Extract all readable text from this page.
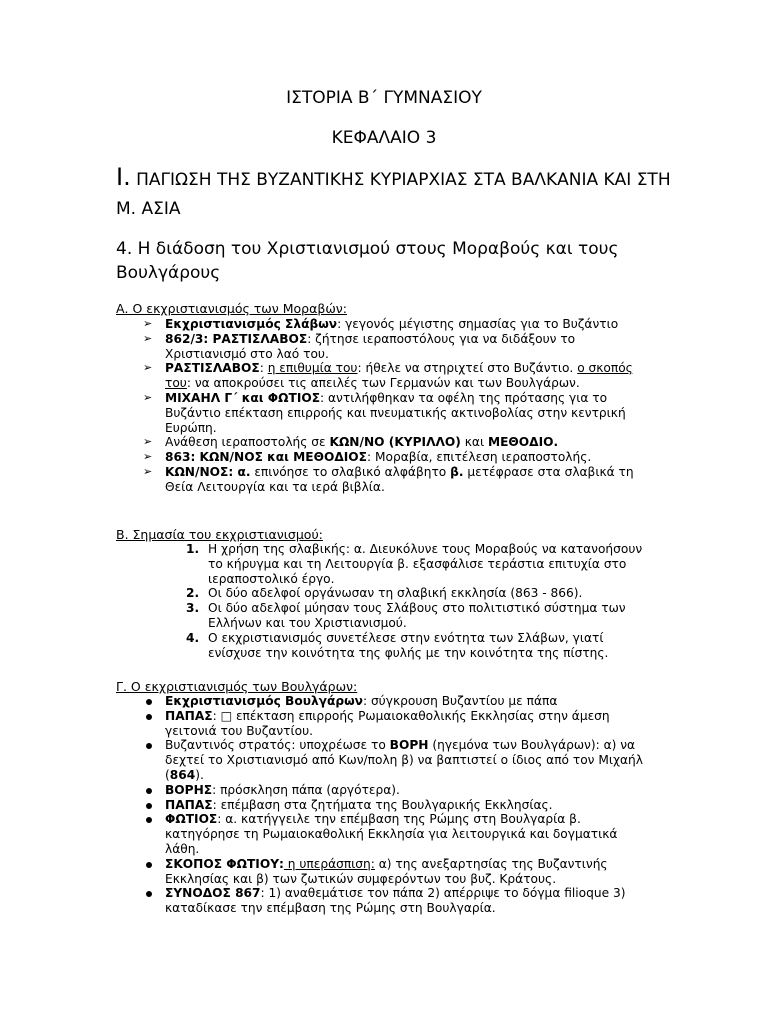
ΙΣΤΟΡΙΑ Β΄ ΓΥΜΝΑΣΙΟΥ
ΚΕΦΑΛΑΙΟ 3
Ι. ΠΑΓΙΩΣΗ ΤΗΣ ΒΥΖΑΝΤΙΚΗΣ ΚΥΡΙΑΡΧΙΑΣ ΣΤΑ ΒΑΛΚΑΝΙΑ ΚΑΙ ΣΤΗ Μ. ΑΣΙΑ
4. Η διάδοση του Χριστιανισμού στους Μοραβούς και τους Βουλγάρους
Α. Ο εκχριστιανισμός των Μοραβών:
➢ Εκχριστιανισμός Σλάβων: γεγονός μέγιστης σημασίας για το Βυζάντιο
➢ 862/3: ΡΑΣΤΙΣΛΑΒΟΣ: ζήτησε ιεραποστόλους για να διδάξουν το Χριστιανισμό στο λαό του.
➢ ΡΑΣΤΙΣΛΑΒΟΣ: η επιθυμία του: ήθελε να στηριχτεί στο Βυζάντιο. ο σκοπός του: να αποκρούσει τις απειλές των Γερμανών και των Βουλγάρων.
➢ ΜΙΧΑΗΛ Γ΄ και ΦΩΤΙΟΣ: αντιλήφθηκαν τα οφέλη της πρότασης για το Βυζάντιο επέκταση επιρροής και πνευματικής ακτινοβολίας στην κεντρική Ευρώπη.
➢ Ανάθεση ιεραποστολής σε ΚΩΝ/ΝΟ (ΚΥΡΙΛΛΟ) και ΜΕΘΟΔΙΟ.
➢ 863: ΚΩΝ/ΝΟΣ και ΜΕΘΟΔΙΟΣ: Μοραβία, επιτέλεση ιεραποστολής.
➢ ΚΩΝ/ΝΟΣ: α. επινόησε το σλαβικό αλφάβητο β. μετέφρασε στα σλαβικά τη Θεία Λειτουργία και τα ιερά βιβλία.
Β. Σημασία του εκχριστιανισμού:
1. Η χρήση της σλαβικής: α. Διευκόλυνε τους Μοραβούς να κατανοήσουν το κήρυγμα και τη Λειτουργία β. εξασφάλισε τεράστια επιτυχία στο ιεραποστολικό έργο.
2. Οι δύο αδελφοί οργάνωσαν τη σλαβική εκκλησία (863 - 866).
3. Οι δύο αδελφοί μύησαν τους Σλάβους στο πολιτιστικό σύστημα των Ελλήνων και του Χριστιανισμού.
4. Ο εκχριστιανισμός συνετέλεσε στην ενότητα των Σλάβων, γιατί ενίσχυσε την κοινότητα της φυλής με την κοινότητα της πίστης.
Γ. Ο εκχριστιανισμός των Βουλγάρων:
Εκχριστιανισμός Βουλγάρων: σύγκρουση Βυζαντίου με πάπα
ΠΑΠΑΣ: □ επέκταση επιρροής Ρωμαιοκαθολικής Εκκλησίας στην άμεση γειτονιά του Βυζαντίου.
Βυζαντινός στρατός: υποχρέωσε το ΒΟΡΗ (ηγεμόνα των Βουλγάρων): α) να δεχτεί το Χριστιανισμό από Κων/πολη β) να βαπτιστεί ο ίδιος από τον Μιχαήλ (864).
ΒΟΡΗΣ: πρόσκληση πάπα (αργότερα).
ΠΑΠΑΣ: επέμβαση στα ζητήματα της Βουλγαρικής Εκκλησίας.
ΦΩΤΙΟΣ: α. κατήγγειλε την επέμβαση της Ρώμης στη Βουλγαρία β. κατηγόρησε τη Ρωμαιοκαθολική Εκκλησία για λειτουργικά και δογματικά λάθη.
ΣΚΟΠΟΣ ΦΩΤΙΟΥ: η υπεράσπιση: α) της ανεξαρτησίας της Βυζαντινής Εκκλησίας και β) των ζωτικών συμφερόντων του βυζ. Κράτους.
ΣΥΝΟΔΟΣ 867: 1) αναθεμάτισε τον πάπα 2) απέρριψε το δόγμα filioque 3) καταδίκασε την επέμβαση της Ρώμης στη Βουλγαρία.
